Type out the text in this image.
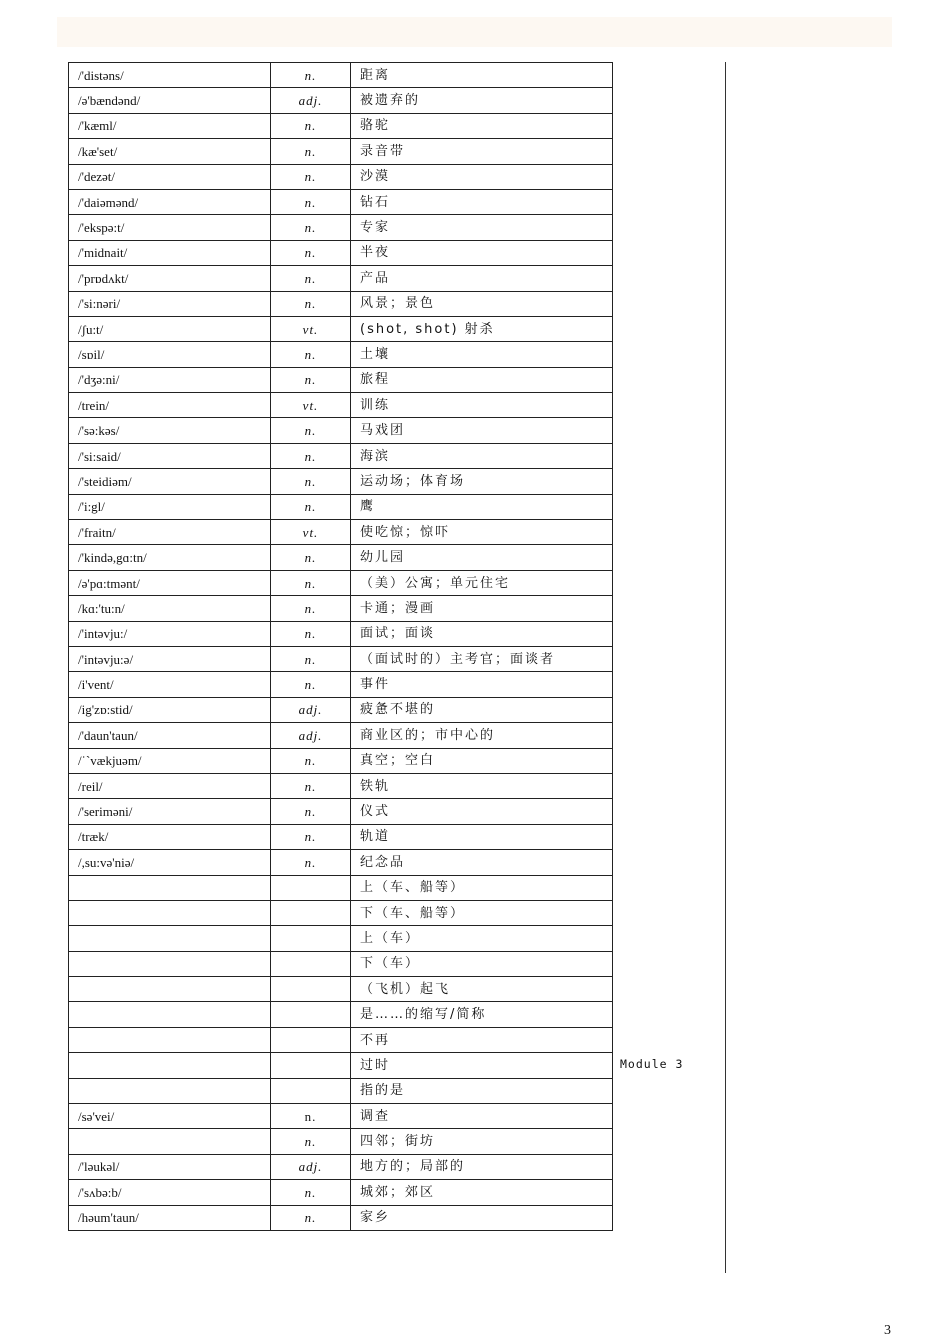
/'distəns/	n.	距离
/ə'bændənd/	adj.	被遗弃的
/'kæml/	n.	骆驼
/kæ'set/	n.	录音带
/'dezət/	n.	沙漠
/'daiəmənd/	n.	钻石
/'ekspə:t/	n.	专家
/'midnait/	n.	半夜
/'prɒdʌkt/	n.	产品
/'si:nəri/	n.	风景；景色
/ʃu:t/	vt.	(shot, shot) 射杀
/sɒil/	n.	土壤
/'dʒə:ni/	n.	旅程
/trein/	vt.	训练
/'sə:kəs/	n.	马戏团
/'si:said/	n.	海滨
/'steidiəm/	n.	运动场；体育场
/'i:gl/	n.	鹰
/'fraitn/	vt.	使吃惊；惊吓
/'kində,gɑ:tn/	n.	幼儿园
/ə'pɑ:tmənt/	n.	（美）公寓；单元住宅
/kɑ:'tu:n/	n.	卡通；漫画
/'intəvju:/	n.	面试；面谈
/'intəvju:ə/	n.	（面试时的）主考官；面谈者
/i'vent/	n.	事件
/ig'zɒ:stid/	adj.	疲惫不堪的
/'daun'taun/	adj.	商业区的；市中心的
/ˈ`vækjuəm/	n.	真空；空白
/reil/	n.	铁轨
/'seriməni/	n.	仪式
/træk/	n.	轨道
/,su:və'niə/	n.	纪念品
		上（车、船等）
		下（车、船等）
		上（车）
		下（车）
		（飞机）起飞
		是……的缩写/简称
		不再
		过时
		指的是
/sə'vei/	n.	调查
	n.	四邻；街坊
/'ləukəl/	adj.	地方的；局部的
/'sʌbə:b/	n.	城郊；郊区
/həum'taun/	n.	家乡
Module 3
3
